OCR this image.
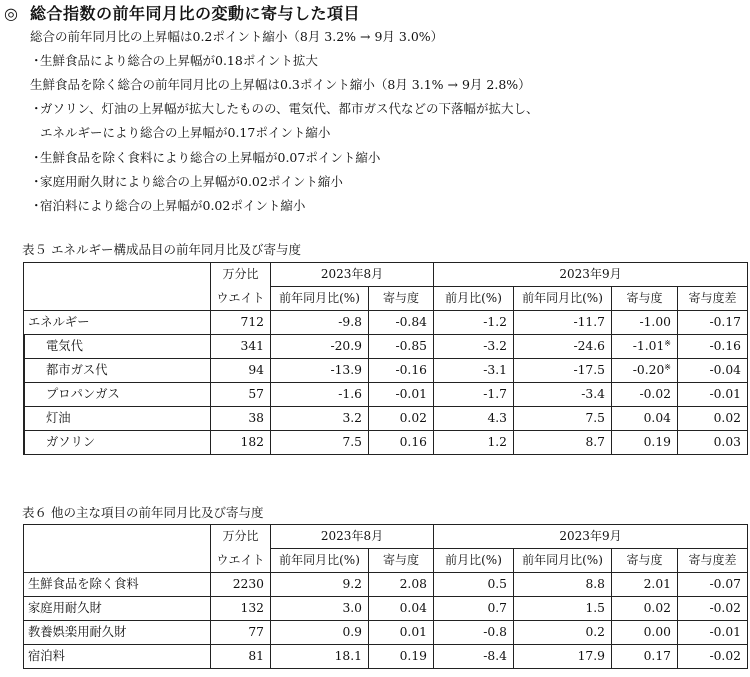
◎ 総合指数の前年同月比の変動に寄与した項目
総合の前年同月比の上昇幅は0.2ポイント縮小（8月 3.2% → 9月 3.0%）
・
生鮮食品により総合の上昇幅が0.18ポイント拡大
生鮮食品を除く総合の前年同月比の上昇幅は0.3ポイント縮小（8月 3.1% → 9月 2.8%）
・
ガソリン、灯油の上昇幅が拡大したものの、電気代、都市ガス代などの下落幅が拡大し、
エネルギーにより総合の上昇幅が0.17ポイント縮小
・
生鮮食品を除く食料により総合の上昇幅が0.07ポイント縮小
・
家庭用耐久財により総合の上昇幅が0.02ポイント縮小
・
宿泊料により総合の上昇幅が0.02ポイント縮小
表５ エネルギー構成品目の前年同月比及び寄与度
	万分比	2023年8月		2023年9月			
	ウエイト	前年同月比(%)	寄与度	前月比(%)	前年同月比(%)	寄与度	寄与度差
エネルギー	712	-9.8	-0.84	-1.2	-11.7	-1.00	-0.17
電気代	341	-20.9	-0.85	-3.2	-24.6	-1.01※	-0.16
都市ガス代	94	-13.9	-0.16	-3.1	-17.5	-0.20※	-0.04
プロパンガス	57	-1.6	-0.01	-1.7	-3.4	-0.02	-0.01
灯油	38	3.2	0.02	4.3	7.5	0.04	0.02
ガソリン	182	7.5	0.16	1.2	8.7	0.19	0.03
表６ 他の主な項目の前年同月比及び寄与度
	万分比	2023年8月		2023年9月			
	ウエイト	前年同月比(%)	寄与度	前月比(%)	前年同月比(%)	寄与度	寄与度差
生鮮食品を除く食料	2230	9.2	2.08	0.5	8.8	2.01	-0.07
家庭用耐久財	132	3.0	0.04	0.7	1.5	0.02	-0.02
教養娯楽用耐久財	77	0.9	0.01	-0.8	0.2	0.00	-0.01
宿泊料	81	18.1	0.19	-8.4	17.9	0.17	-0.02
